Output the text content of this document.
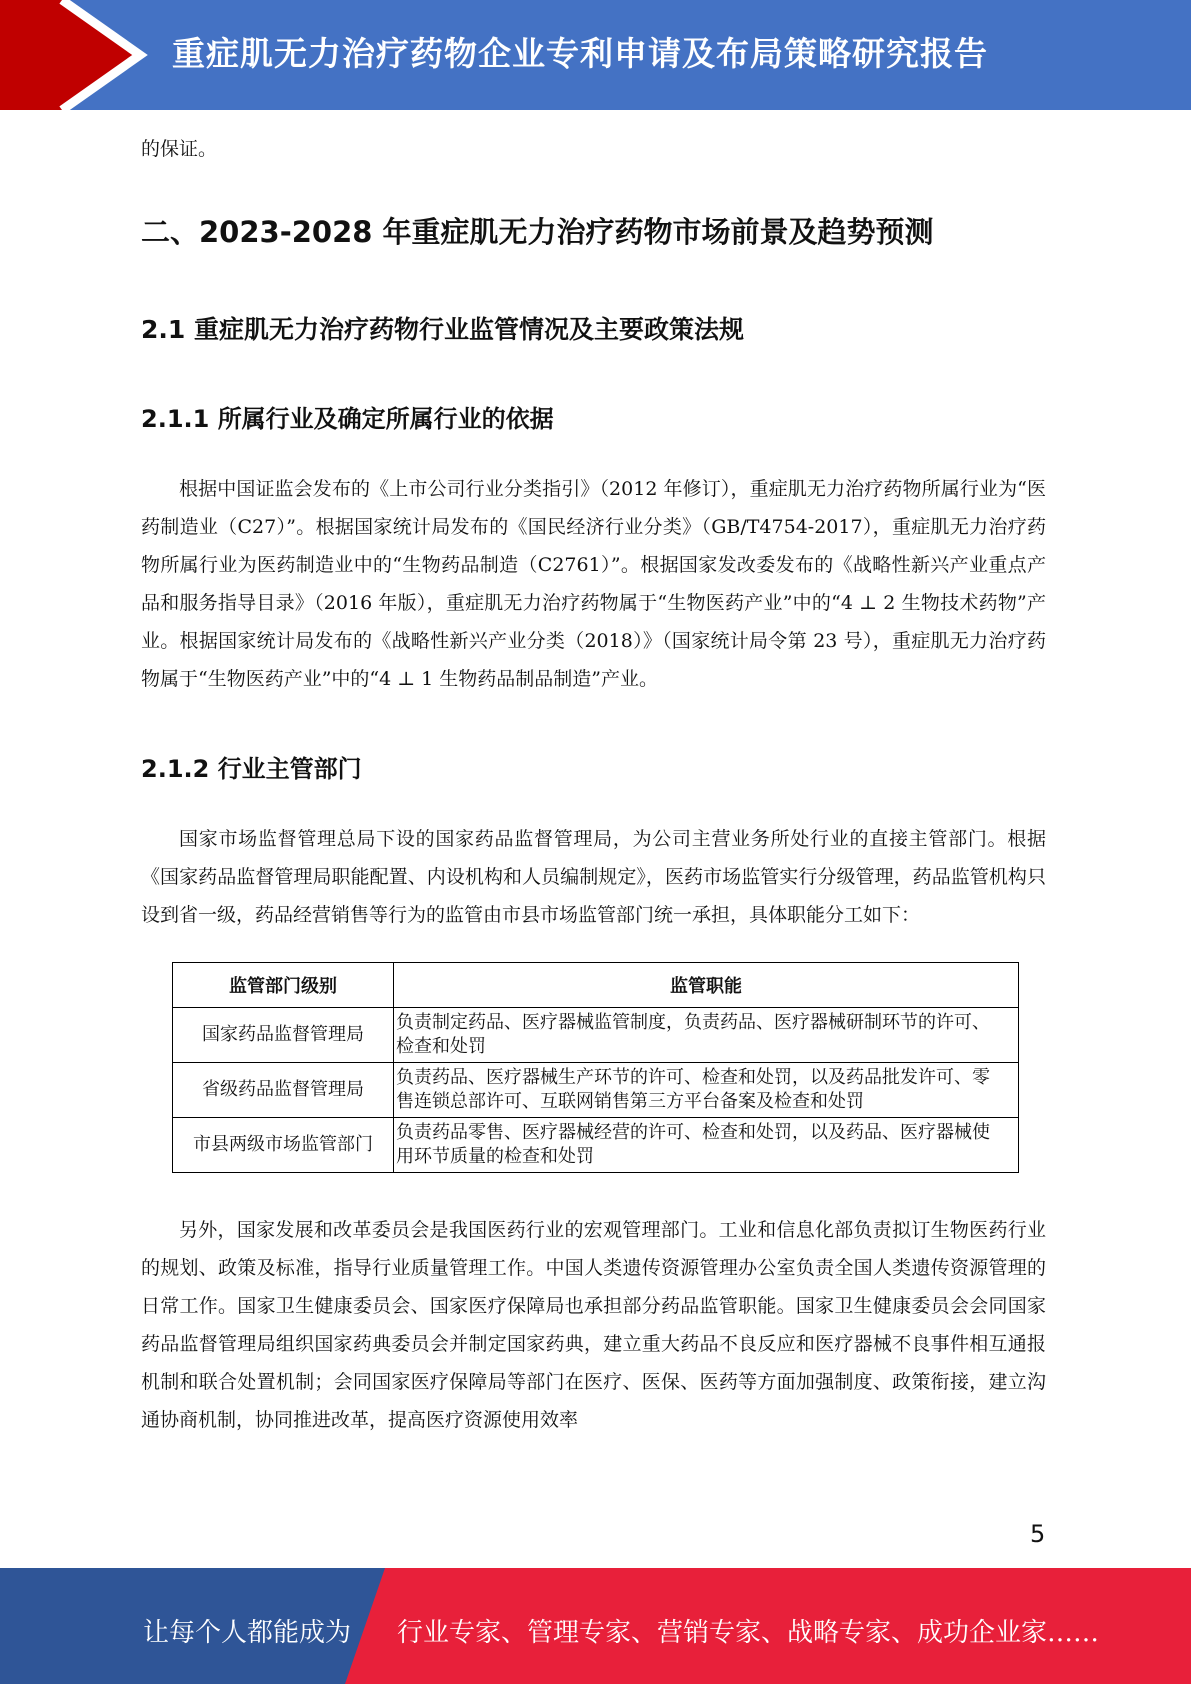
重症肌无力治疗药物企业专利申请及布局策略研究报告

的保证。

二、2023-2028 年重症肌无力治疗药物市场前景及趋势预测
2.1 重症肌无力治疗药物行业监管情况及主要政策法规
2.1.1 所属行业及确定所属行业的依据

根据中国证监会发布的《上市公司行业分类指引》（2012 年修订），重症肌无力治疗药物所属行业为“医药制造业（C27）”。根据国家统计局发布的《国民经济行业分类》（GB/T4754-2017），重症肌无力治疗药物所属行业为医药制造业中的“生物药品制造（C2761）”。根据国家发改委发布的《战略性新兴产业重点产品和服务指导目录》（2016 年版），重症肌无力治疗药物属于“生物医药产业”中的“4 ⊥ 2 生物技术药物”产业。根据国家统计局发布的《战略性新兴产业分类（2018）》（国家统计局令第 23 号），重症肌无力治疗药物属于“生物医药产业”中的“4 ⊥ 1 生物药品制品制造”产业。

2.1.2 行业主管部门

国家市场监督管理总局下设的国家药品监督管理局，为公司主营业务所处行业的直接主管部门。根据《国家药品监督管理局职能配置、内设机构和人员编制规定》，医药市场监管实行分级管理，药品监管机构只设到省一级，药品经营销售等行为的监管由市县市场监管部门统一承担，具体职能分工如下：

监管部门级别	监管职能
国家药品监督管理局	负责制定药品、医疗器械监管制度，负责药品、医疗器械研制环节的许可、检查和处罚
省级药品监督管理局	负责药品、医疗器械生产环节的许可、检查和处罚，以及药品批发许可、零售连锁总部许可、互联网销售第三方平台备案及检查和处罚
市县两级市场监管部门	负责药品零售、医疗器械经营的许可、检查和处罚，以及药品、医疗器械使用环节质量的检查和处罚

另外，国家发展和改革委员会是我国医药行业的宏观管理部门。工业和信息化部负责拟订生物医药行业的规划、政策及标准，指导行业质量管理工作。中国人类遗传资源管理办公室负责全国人类遗传资源管理的日常工作。国家卫生健康委员会、国家医疗保障局也承担部分药品监管职能。国家卫生健康委员会会同国家药品监督管理局组织国家药典委员会并制定国家药典，建立重大药品不良反应和医疗器械不良事件相互通报机制和联合处置机制；会同国家医疗保障局等部门在医疗、医保、医药等方面加强制度、政策衔接，建立沟通协商机制，协同推进改革，提高医疗资源使用效率

5
让每个人都能成为 行业专家、管理专家、营销专家、战略专家、成功企业家……
